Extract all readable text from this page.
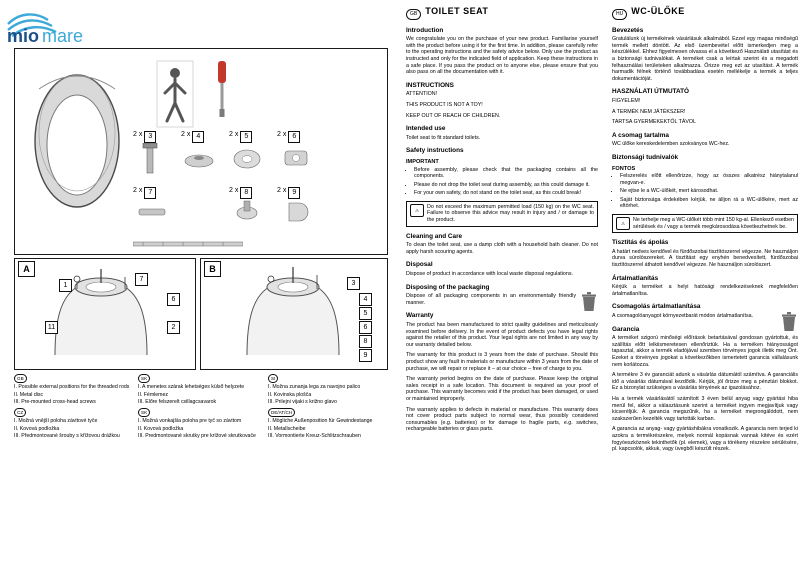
mio mare
2 x 3	2 x 4	2 x 5	2 x 6
2 x 7	2 x 8	2 x 9
A
1
7
6
11	2
B
3
4
5
6
8
9
GB
I. Possible external positions for the threaded rods
II. Metal disc
III. Pre-mounted cross-head screws
SK
I. A menetes szárak lehetséges külső helyzete
II. Fémlemez
III. Előre felszerelt csillagcsavarok
SI
I. Možna zunanja lega za navojno palico
II. Kovinska plošča
III. Prilejni vijaki s križno glavo
CZ
I. Možná vnější poloha závitové tyče
II. Kovová podložka
III. Předmontované šrouby s křížovou drážkou
SK
I. Možná vonkajšia poloha pre tyč so závitom
II. Kovová podložka
III. Predmontované skrutky pre krížové skrutkovače
DE/AT/CH
I. Mögliche Außenposition für Gewindestange
II. Metallscheibe
III. Vormontierte Kreuz-Schlitzschrauben
GB TOILET SEAT
Introduction

We congratulate you on the purchase of your new product. Familiarise yourself with the product before using it for the first time. In addition, please carefully refer to the operating instructions and the safety advice below. Only use the product as instructed and only for the indicated field of application. Keep these instructions in a safe place. If you pass the product on to anyone else, please ensure that you also pass on all the documentation with it.

INSTRUCTIONS

ATTENTION!

THIS PRODUCT IS NOT A TOY!

KEEP OUT OF REACH OF CHILDREN.

Intended use

Toilet seat to fit standard toilets.

Safety instructions
IMPORTANT
• Before assembly, please check that the packaging contains all the components.
• Please do not drop the toilet seat during assembly, as this could damage it.
• For your own safety, do not stand on the toilet seat, as this could break!
⚠
Do not exceed the maximum permitted load (150 kg) on the WC seat. Failure to observe this advice may result in injury and / or damage to the product.
Cleaning and Care

To clean the toilet seat, use a damp cloth with a household bath cleaner. Do not apply harsh scouring agents.

Disposal

Dispose of product in accordance with local waste disposal regulations.

Disposing of the packaging

Dispose of all packaging components in an environmentally friendly manner.

Warranty

The product has been manufactured to strict quality guidelines and meticulously examined before delivery. In the event of product defects you have legal rights against the retailer of this product. Your legal rights are not limited in any way by our warranty detailed below.

The warranty for this product is 3 years from the date of purchase. Should this product show any fault in materials or manufacture within 3 years from the date of purchase, we will repair or replace it – at our choice – free of charge to you.

The warranty period begins on the date of purchase. Please keep the original sales receipt in a safe location. This document is required as your proof of purchase. This warranty becomes void if the product has been damaged, or used or maintained improperly.

The warranty applies to defects in material or manufacture. This warranty does not cover product parts subject to normal wear, thus possibly considered consumables (e.g. batteries) or for damage to fragile parts, e.g. switches, rechargeable batteries or glass parts.

HU WC-ÜLŐKE
Bevezetés

Gratulálunk új termékének vásárlásuk alkalmából. Ezzel egy magas minőségű termék mellett döntött. Az első üzembevétel előtt ismerkedjen meg a készülékkel. Ehhez figyelmesen olvassa el a következő Használati utasítást és a biztonsági tudnivalókat. A terméket csak a leírtak szerint és a megadott felhasználási területeken alkalmazza. Őrizze meg ezt az utasítást. A termék harmadik félnek történő továbbadása esetén mellékelje a termék a teljes dokumentációját.

HASZNÁLATI ÚTMUTATÓ

FIGYELEM!

A TERMÉK NEM JÁTÉKSZER!

TARTSA GYERMEKEKTŐL TÁVOL

A csomag tartalma

WC ülőke kereskedelemben szokványos WC-hez.

Biztonsági tudnivalók
FONTOS
• Felszerelés előtt ellenőrizze, hogy az összes alkatrész hiánytalanul megvan-e.
• Ne ejtse le a WC-ülőkét, mert károsodhat.
• Saját biztonsága érdekében kérjük, ne álljon rá a WC-ülőkére, mert az eltörhet.
⚠
Ne terhelje meg a WC-ülőkét több mint 150 kg-al. Ellenkező esetben sérülések és / vagy a termék megkárosodása következhetnek be.
Tisztítás és ápolás

A határt nedves kendővel és fürdőszobai tisztítószerrel végezze. Ne használjon durva súrolószereket. A tisztítást egy enyhén benedvesített, fürdőszobai tisztítószerrel áthatott kendővel végezze. Ne használjon súrolószert.

Ártalmatlanítás

Kérjük a terméket a helyi hatósági rendelkezéseknek megfelelően ártalmatlanítsa.

Csomagolás ártalmatlanítása

A csomagolóanyagot környezetbarát módon ártalmatlanítsa.

Garancia

A terméket szigorú minőségi előírások betartásával gondosan gyártottuk, és szállítás előtt lelkiismeretesen ellenőriztük. Ha a terméken hiányosságot tapasztal, akkor a termék eladójával szemben törvényes jogok illetik meg Önt. Ezeket a törvényes jogokat a következőkben ismertetett garancia vállalásunk nem korlátozza.

A termékre 3 év garanciát adunk a vásárlás dátumától számítva. A garanciális idő a vásárlás dátumával kezdődik. Kérjük, jól őrizze meg a pénztári blokkot. Ez a bizonylat szükséges a vásárlás tényének az igazolásához.

Ha a termék vásárlásától számított 3 éven belül anyag vagy gyártási hiba merül fel, akkor a választásunk szerint a terméket ingyen megjavítjuk vagy kicseréljük. A garancia megszűnik, ha a terméket megrongálódott, nem szakszerűen kezelték vagy tartották karban.

A garancia az anyag- vagy gyártáshibákra vonatkozik. A garancia nem terjed ki azokra a termékrészekre, melyek normál kopásnak vannak kitéve és ezért fogyóeszköznek tekinthetők (pl. elemek), vagy a törékeny részekre sérülésére, pl. kapcsolók, akkuk, vagy üvegből készült részek.
